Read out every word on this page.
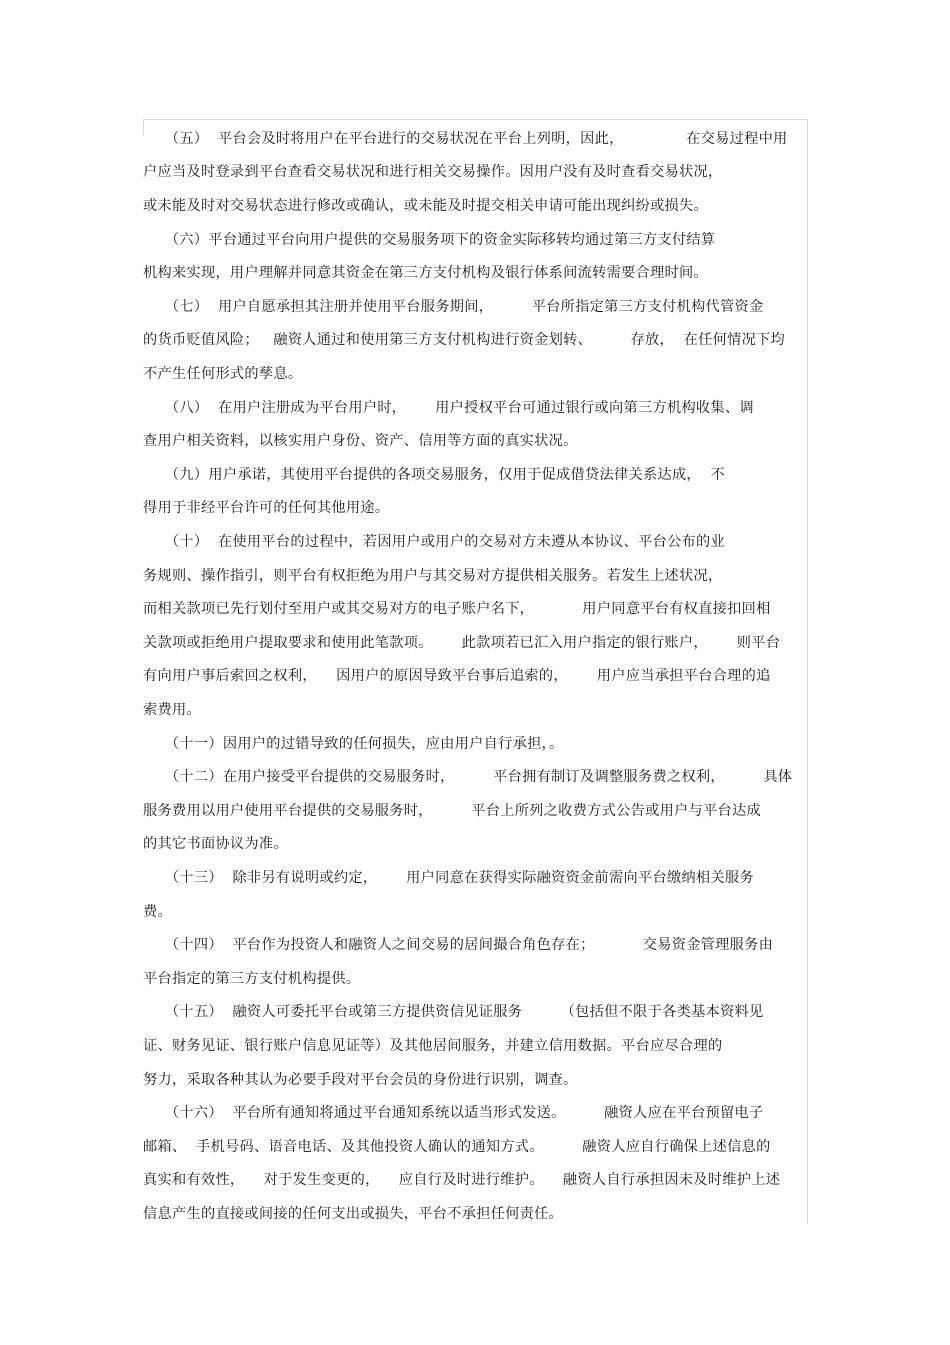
　　（五）  平台会及时将用户在平台进行的交易状况在平台上列明，因此，             在交易过程中用
户应当及时登录到平台查看交易状况和进行相关交易操作。因用户没有及时查看交易状况，
或未能及时对交易状态进行修改或确认，或未能及时提交相关申请可能出现纠纷或损失。
　　（六）平台通过平台向用户提供的交易服务项下的资金实际移转均通过第三方支付结算
机构来实现，用户理解并同意其资金在第三方支付机构及银行体系间流转需要合理时间。
　　（七）  用户自愿承担其注册并使用平台服务期间，        平台所指定第三方支付机构代管资金
的货币贬值风险；   融资人通过和使用第三方支付机构进行资金划转、        存放，  在任何情况下均
不产生任何形式的孳息。
　　（八）  在用户注册成为平台用户时，      用户授权平台可通过银行或向第三方机构收集、调
查用户相关资料，以核实用户身份、资产、信用等方面的真实状况。
　　（九）用户承诺，其使用平台提供的各项交易服务，仅用于促成借贷法律关系达成，  不
得用于非经平台许可的任何其他用途。
　　（十）  在使用平台的过程中，若因用户或用户的交易对方未遵从本协议、平台公布的业
务规则、操作指引，则平台有权拒绝为用户与其交易对方提供相关服务。若发生上述状况，
而相关款项已先行划付至用户或其交易对方的电子账户名下，          用户同意平台有权直接扣回相
关款项或拒绝用户提取要求和使用此笔款项。      此款项若已汇入用户指定的银行账户，      则平台
有向用户事后索回之权利，    因用户的原因导致平台事后追索的，      用户应当承担平台合理的追
索费用。
　　（十一）因用户的过错导致的任何损失，应由用户自行承担，。
　　（十二）在用户接受平台提供的交易服务时，        平台拥有制订及调整服务费之权利，        具体
服务费用以用户使用平台提供的交易服务时，        平台上所列之收费方式公告或用户与平台达成
的其它书面协议为准。
　　（十三）  除非另有说明或约定，      用户同意在获得实际融资资金前需向平台缴纳相关服务
费。
　　（十四）  平台作为投资人和融资人之间交易的居间撮合角色存在；          交易资金管理服务由
平台指定的第三方支付机构提供。
　　（十五）  融资人可委托平台或第三方提供资信见证服务        （包括但不限于各类基本资料见
证、财务见证、银行账户信息见证等）及其他居间服务，并建立信用数据。平台应尽合理的
努力，采取各种其认为必要手段对平台会员的身份进行识别，调查。
　　（十六）  平台所有通知将通过平台通知系统以适当形式发送。        融资人应在平台预留电子
邮箱、  手机号码、语音电话、及其他投资人确认的通知方式。        融资人应自行确保上述信息的
真实和有效性，    对于发生变更的，    应自行及时进行维护。    融资人自行承担因未及时维护上述
信息产生的直接或间接的任何支出或损失，平台不承担任何责任。
